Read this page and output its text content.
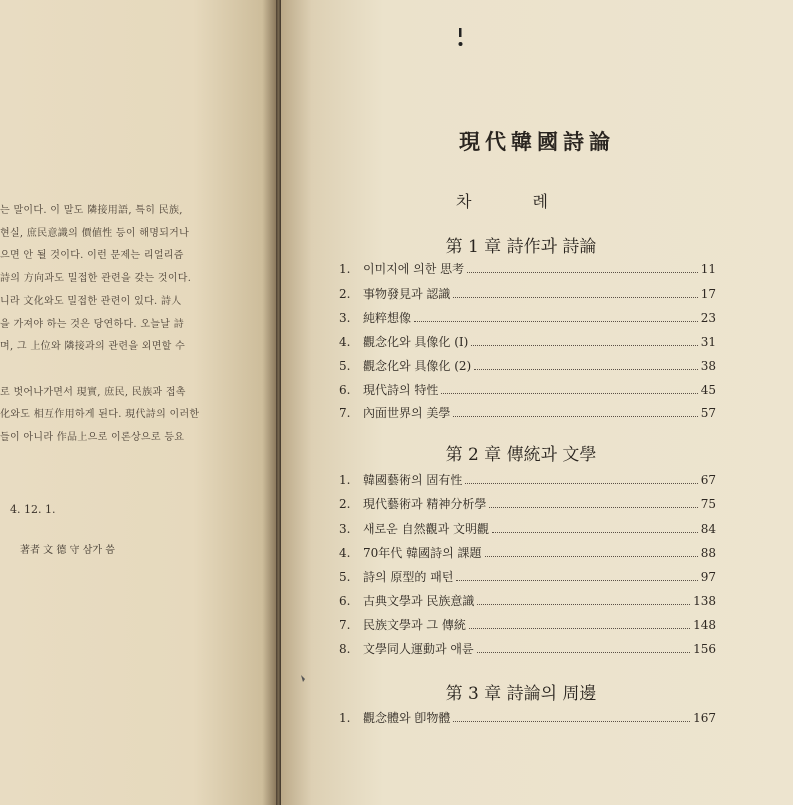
는 말이다. 이 말도 隣接用語, 특히 民族,
현실, 庶民意識의 價値性 등이 해명되거나
으면 안 될 것이다. 이런 문제는 리얼리즘
詩의 方向과도 밀접한 관련을 갖는 것이다.
니라 文化와도 밀접한 관련이 있다. 詩人
을 가져야 하는 것은 당연하다. 오늘날 詩
며, 그 上位와 隣接과의 관련을 외면할 수
로 벗어나가면서 現實, 庶民, 民族과 접촉
化와도 相互作用하게 된다. 現代詩의 이러한
들이 아니라 作品上으로 이론상으로 등요
4. 12. 1.
著者 文 德 守 삼가 씀
現代韓國詩論
차 례
第 1 章 詩作과 詩論
1.	이미지에 의한 思考	11
2.	事物發見과 認識	17
3.	純粹想像	23
4.	觀念化와 具像化 (I)	31
5.	觀念化와 具像化 (2)	38
6.	現代詩의 特性	45
7.	內面世界의 美學	57
第 2 章 傳統과 文學
1.	韓國藝術의 固有性	67
2.	現代藝術과 精神分析學	75
3.	새로운 自然觀과 文明觀	84
4.	70年代 韓國詩의 課題	88
5.	詩의 原型的 패턴	97
6.	古典文學과 民族意識	138
7.	民族文學과 그 傳統	148
8.	文學同人運動과 애륜	156
第 3 章 詩論의 周邊
1.	觀念體와 卽物體	167
